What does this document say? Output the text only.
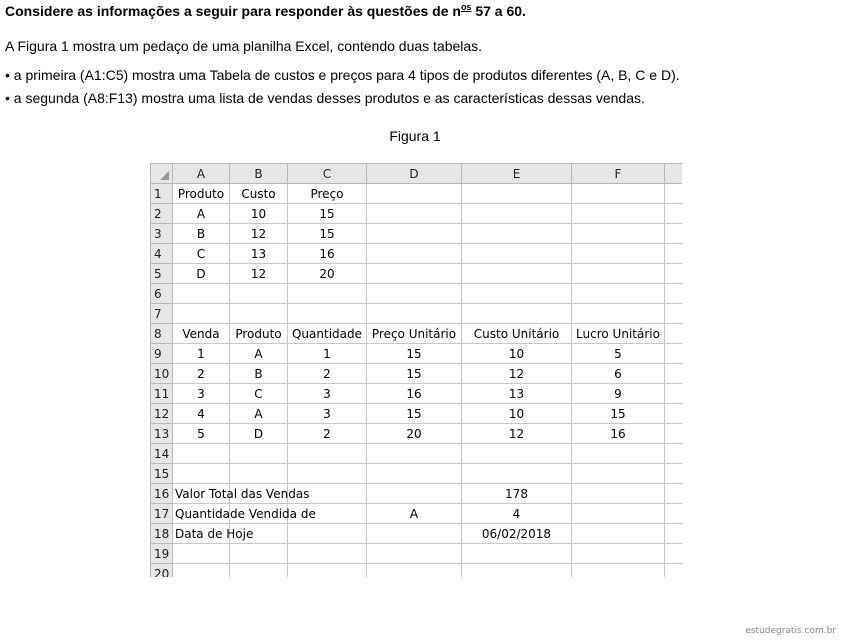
Considere as informações a seguir para responder às questões de $n^{os}$ 57 a 60.
A Figura 1 mostra um pedaço de uma planilha Excel, contendo duas tabelas.
• a primeira (A1:C5) mostra uma Tabela de custos e preços para 4 tipos de produtos diferentes (A, B, C e D).
• a segunda (A8:F13) mostra uma lista de vendas desses produtos e as características dessas vendas.
Figura 1
	A	B	C	D	E	F	
1	Produto	Custo	Preço				
2	A	10	15				
3	B	12	15				
4	C	13	16				
5	D	12	20				
6							
7							
8	Venda	Produto	Quantidade	Preço Unitário	Custo Unitário	Lucro Unitário	
9	1	A	1	15	10	5	
10	2	B	2	15	12	6	
11	3	C	3	16	13	9	
12	4	A	3	15	10	15	
13	5	D	2	20	12	16	
14							
15							
16	Valor Total das Vendas				178		
17	Quantidade Vendida de			A	4		
18	Data de Hoje				06/02/2018		
19							
20							
estudegratis.com.br
